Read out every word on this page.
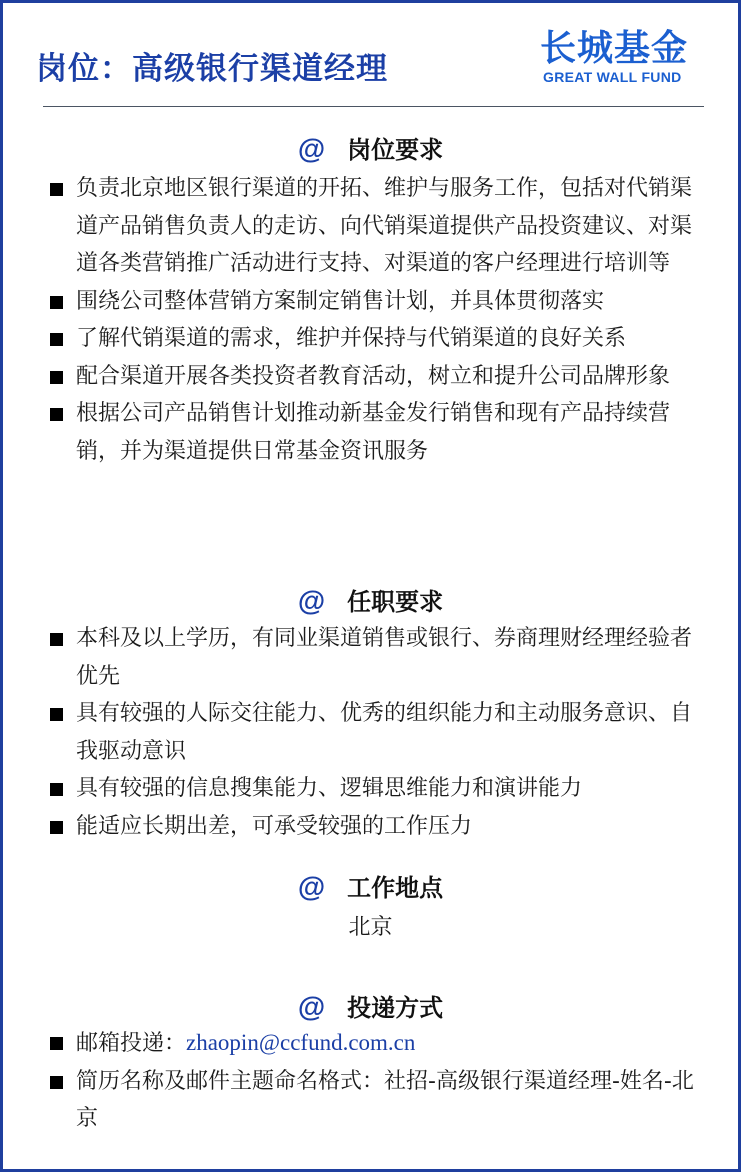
岗位：高级银行渠道经理	长城基金
GREAT WALL FUND
@ 岗位要求
负责北京地区银行渠道的开拓、维护与服务工作，包括对代销渠道产品销售负责人的走访、向代销渠道提供产品投资建议、对渠道各类营销推广活动进行支持、对渠道的客户经理进行培训等
围绕公司整体营销方案制定销售计划，并具体贯彻落实
了解代销渠道的需求，维护并保持与代销渠道的良好关系
配合渠道开展各类投资者教育活动，树立和提升公司品牌形象
根据公司产品销售计划推动新基金发行销售和现有产品持续营销，并为渠道提供日常基金资讯服务
@ 任职要求
本科及以上学历，有同业渠道销售或银行、券商理财经理经验者优先
具有较强的人际交往能力、优秀的组织能力和主动服务意识、自我驱动意识
具有较强的信息搜集能力、逻辑思维能力和演讲能力
能适应长期出差，可承受较强的工作压力
@ 工作地点
北京
@ 投递方式
邮箱投递：zhaopin@ccfund.com.cn
简历名称及邮件主题命名格式：社招-高级银行渠道经理-姓名-北京
